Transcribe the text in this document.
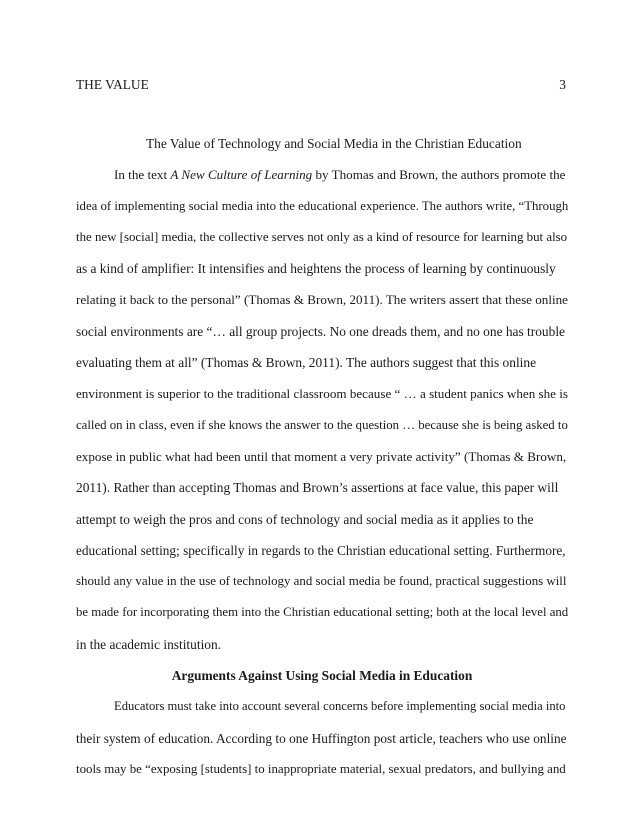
THE VALUE	3
The Value of Technology and Social Media in the Christian Education
In the text A New Culture of Learning by Thomas and Brown, the authors promote the
idea of implementing social media into the educational experience. The authors write, “Through
the new [social] media, the collective serves not only as a kind of resource for learning but also
as a kind of amplifier: It intensifies and heightens the process of learning by continuously
relating it back to the personal” (Thomas & Brown, 2011). The writers assert that these online
social environments are “… all group projects. No one dreads them, and no one has trouble
evaluating them at all” (Thomas & Brown, 2011). The authors suggest that this online
environment is superior to the traditional classroom because “ … a student panics when she is
called on in class, even if she knows the answer to the question … because she is being asked to
expose in public what had been until that moment a very private activity” (Thomas & Brown,
2011). Rather than accepting Thomas and Brown’s assertions at face value, this paper will
attempt to weigh the pros and cons of technology and social media as it applies to the
educational setting; specifically in regards to the Christian educational setting. Furthermore,
should any value in the use of technology and social media be found, practical suggestions will
be made for incorporating them into the Christian educational setting; both at the local level and
in the academic institution.
Arguments Against Using Social Media in Education
Educators must take into account several concerns before implementing social media into
their system of education. According to one Huffington post article, teachers who use online
tools may be “exposing [students] to inappropriate material, sexual predators, and bullying and
